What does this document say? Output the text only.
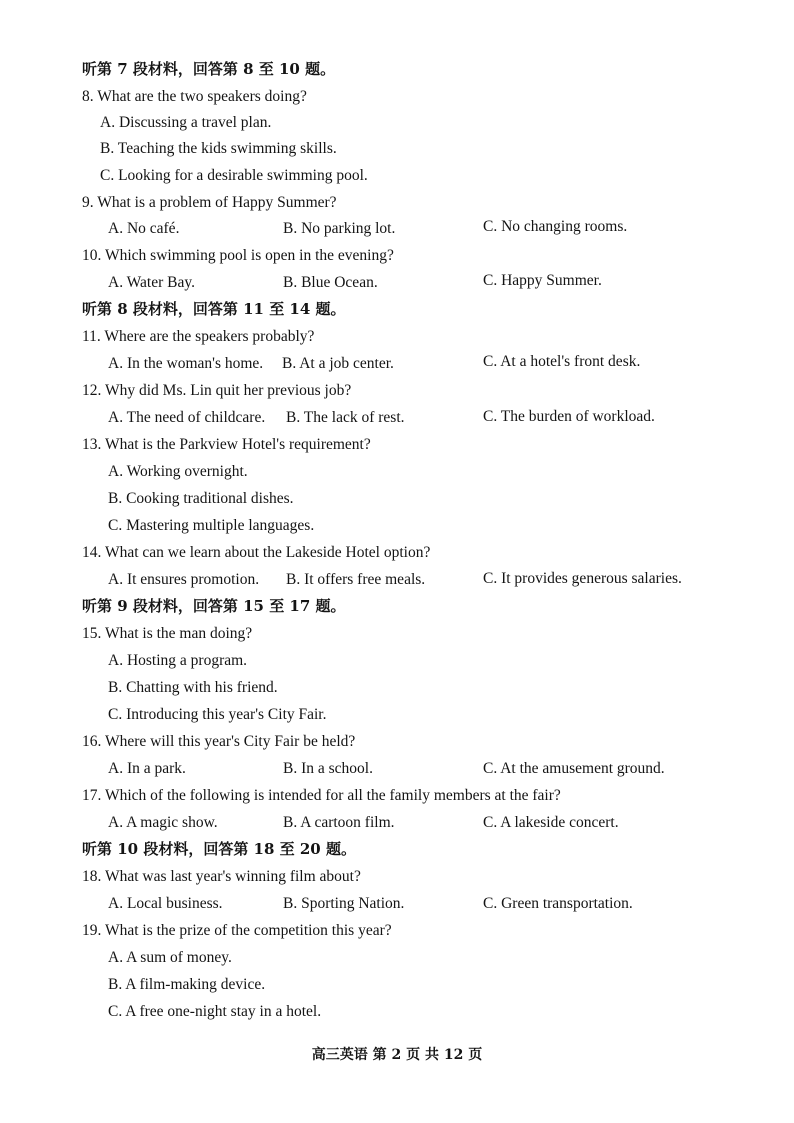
听第 7 段材料，回答第 8 至 10 题。
8. What are the two speakers doing?
A. Discussing a travel plan.
B. Teaching the kids swimming skills.
C. Looking for a desirable swimming pool.
9. What is a problem of Happy Summer?
A. No café.	B. No parking lot.	C. No changing rooms.
10. Which swimming pool is open in the evening?
A. Water Bay.	B. Blue Ocean.	C. Happy Summer.
听第 8 段材料，回答第 11 至 14 题。
11. Where are the speakers probably?
A. In the woman's home. B. At a job center.	C. At a hotel's front desk.
12. Why did Ms. Lin quit her previous job?
A. The need of childcare. B. The lack of rest.	C. The burden of workload.
13. What is the Parkview Hotel's requirement?
A. Working overnight.
B. Cooking traditional dishes.
C. Mastering multiple languages.
14. What can we learn about the Lakeside Hotel option?
A. It ensures promotion. B. It offers free meals.	C. It provides generous salaries.
听第 9 段材料，回答第 15 至 17 题。
15. What is the man doing?
A. Hosting a program.
B. Chatting with his friend.
C. Introducing this year's City Fair.
16. Where will this year's City Fair be held?
A. In a park.	B. In a school.	C. At the amusement ground.
17. Which of the following is intended for all the family members at the fair?
A. A magic show.	B. A cartoon film.	C. A lakeside concert.
听第 10 段材料，回答第 18 至 20 题。
18. What was last year's winning film about?
A. Local business.	B. Sporting Nation.	C. Green transportation.
19. What is the prize of the competition this year?
A. A sum of money.
B. A film-making device.
C. A free one-night stay in a hotel.
高三英语 第 2 页 共 12 页
